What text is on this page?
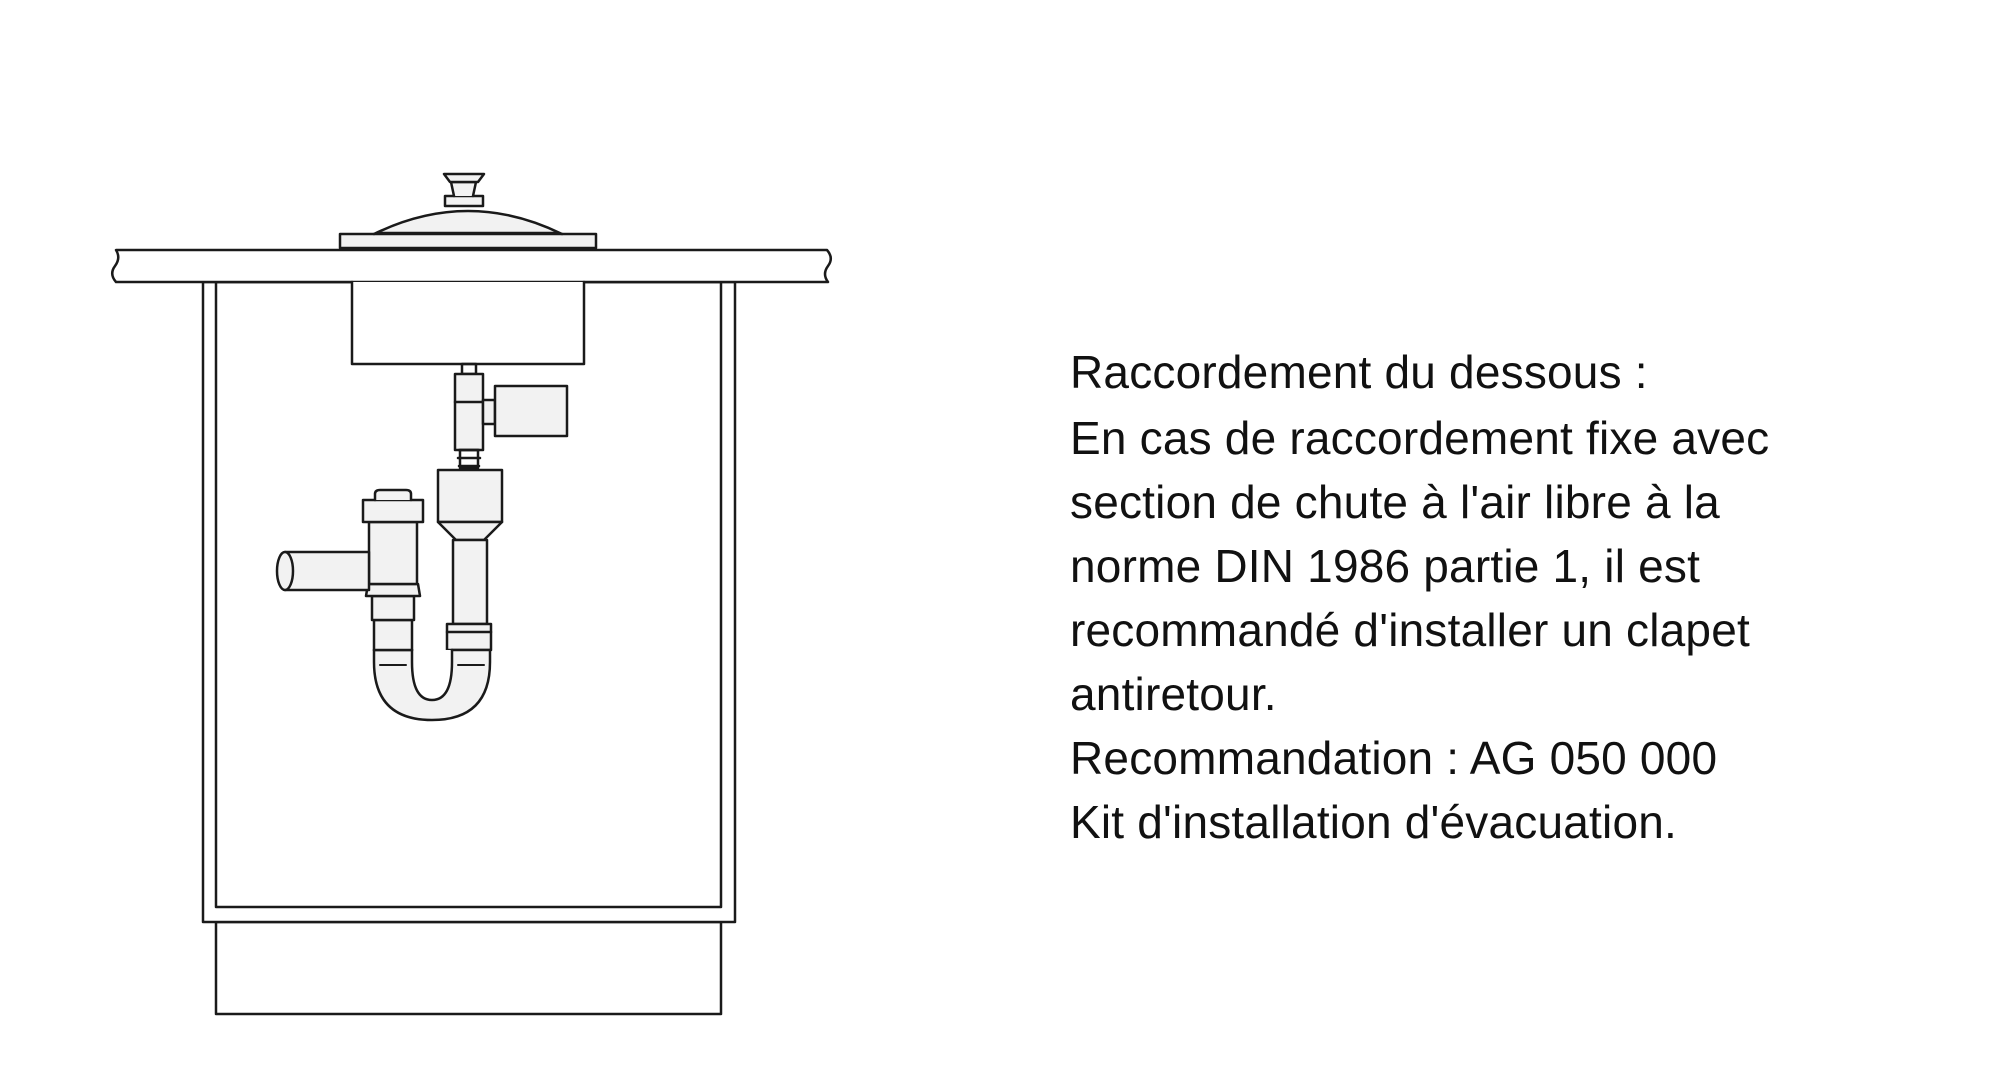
Raccordement du dessous :

En cas de raccordement fixe avec
section de chute à l'air libre à la
norme DIN 1986 partie 1, il est
recommandé d'installer un clapet
antiretour.

Recommandation : AG 050 000

Kit d'installation d'évacuation.
